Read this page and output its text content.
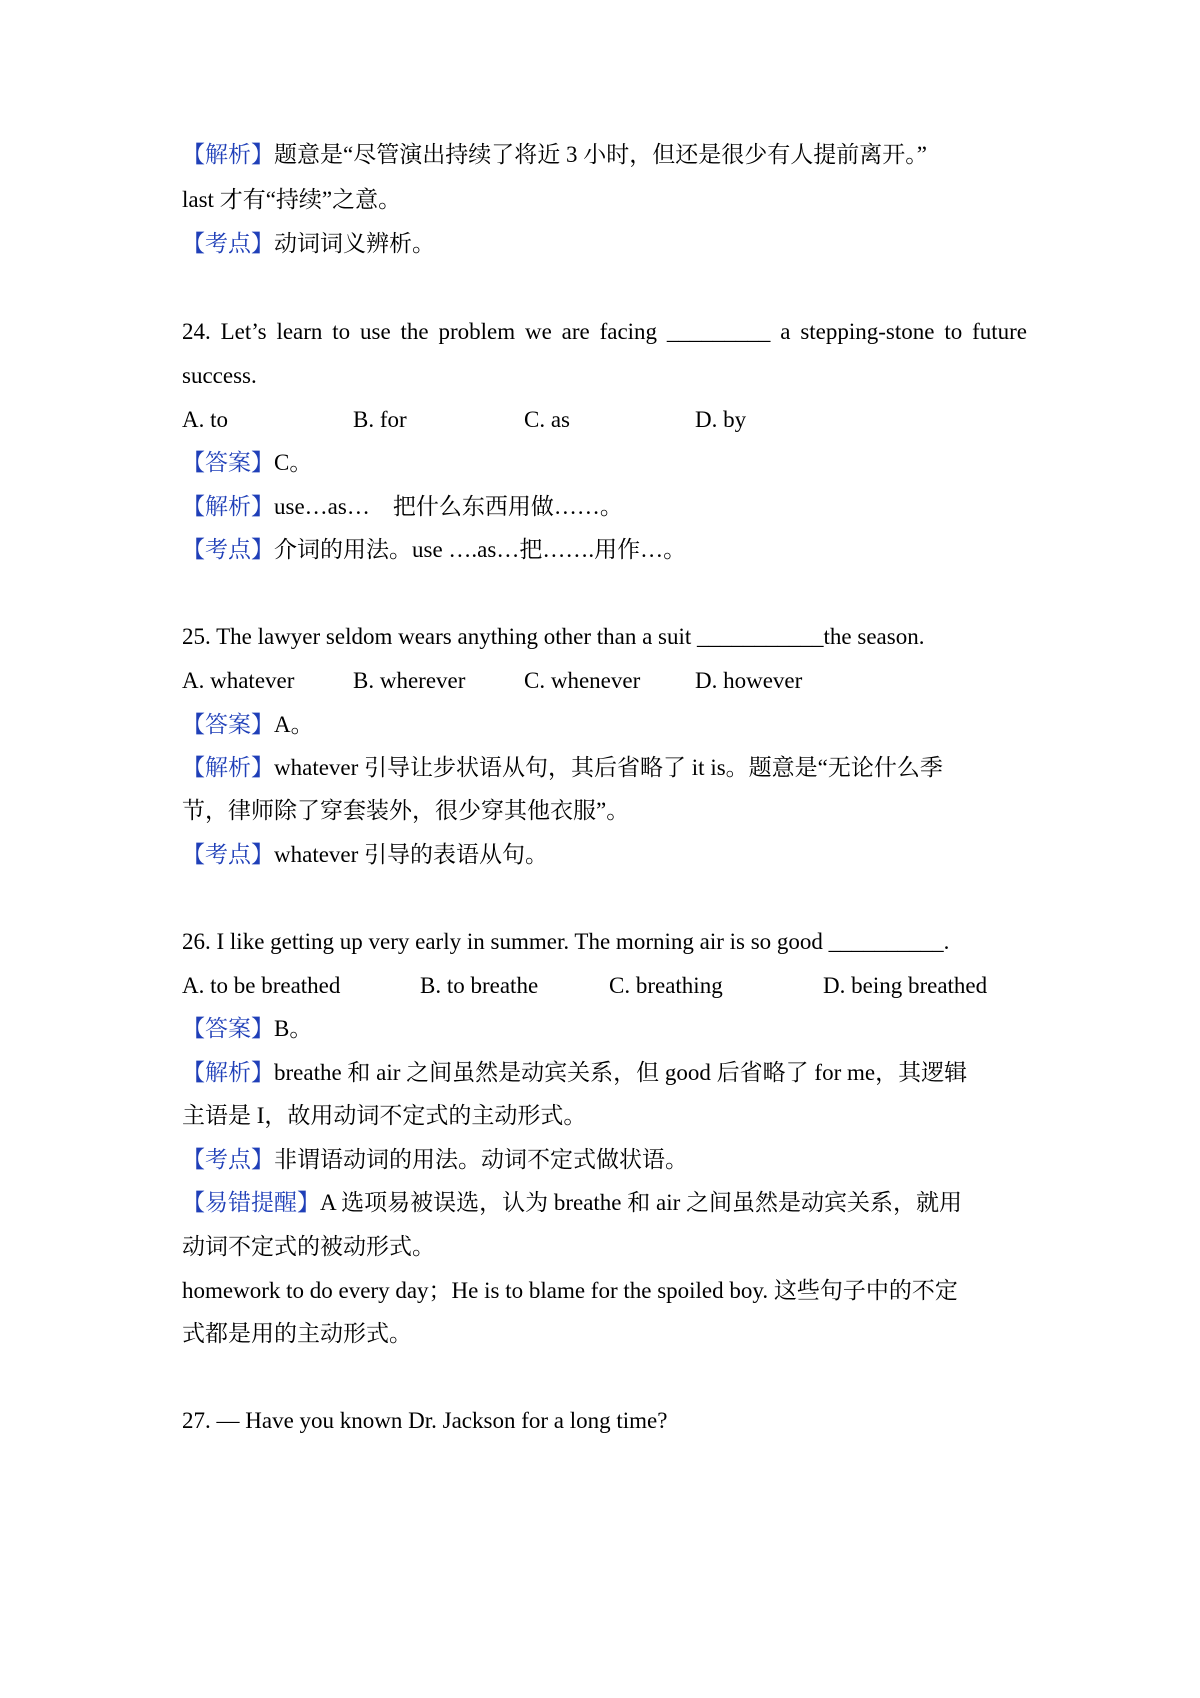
【解析】题意是“尽管演出持续了将近 3 小时，但还是很少有人提前离开。”
last 才有“持续”之意。
【考点】动词词义辨析。
24. Let’s learn to use the problem we are facing _________ a stepping-stone to future
success.
A. to	B. for	C. as	D. by
【答案】C。
【解析】use…as…　把什么东西用做……。
【考点】介词的用法。use ….as…把…….用作…。
25. The lawyer seldom wears anything other than a suit ___________the season.
A. whatever	B. wherever	C. whenever D. however
【答案】A。
【解析】whatever 引导让步状语从句，其后省略了 it is。题意是“无论什么季
节，律师除了穿套装外，很少穿其他衣服”。
【考点】whatever 引导的表语从句。
26. I like getting up very early in summer. The morning air is so good __________.
A. to be breathed	B. to breathe	C. breathing	D. being breathed
【答案】B。
【解析】breathe 和 air 之间虽然是动宾关系，但 good 后省略了 for me，其逻辑
主语是 I，故用动词不定式的主动形式。
【考点】非谓语动词的用法。动词不定式做状语。
【易错提醒】A 选项易被误选，认为 breathe 和 air 之间虽然是动宾关系，就用
动词不定式的被动形式。
homework to do every day；He is to blame for the spoiled boy. 这些句子中的不定
式都是用的主动形式。
27. — Have you known Dr. Jackson for a long time?
